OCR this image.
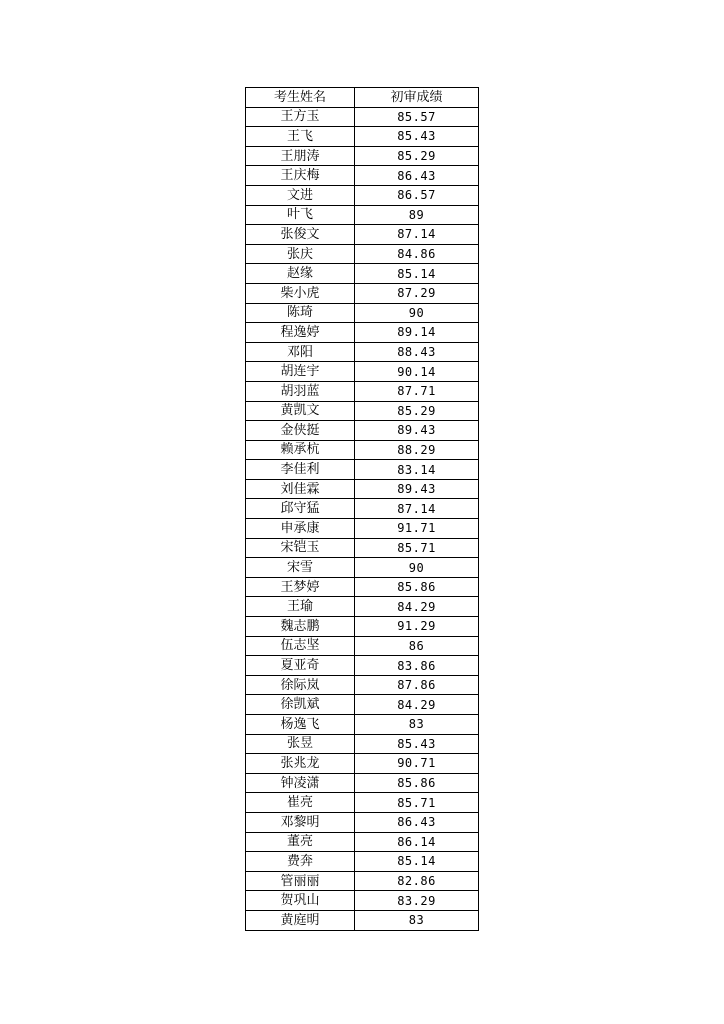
考生姓名	初审成绩
王方玉	85.57
王飞	85.43
王朋涛	85.29
王庆梅	86.43
文进	86.57
叶飞	89
张俊文	87.14
张庆	84.86
赵缘	85.14
柴小虎	87.29
陈琦	90
程逸婷	89.14
邓阳	88.43
胡连宇	90.14
胡羽蓝	87.71
黄凯文	85.29
金侠挺	89.43
赖承杭	88.29
李佳利	83.14
刘佳霖	89.43
邱守猛	87.14
申承康	91.71
宋铠玉	85.71
宋雪	90
王梦婷	85.86
王瑜	84.29
魏志鹏	91.29
伍志坚	86
夏亚奇	83.86
徐际岚	87.86
徐凯斌	84.29
杨逸飞	83
张昱	85.43
张兆龙	90.71
钟凌潇	85.86
崔亮	85.71
邓黎明	86.43
董亮	86.14
费奔	85.14
管丽丽	82.86
贺巩山	83.29
黄庭明	83
